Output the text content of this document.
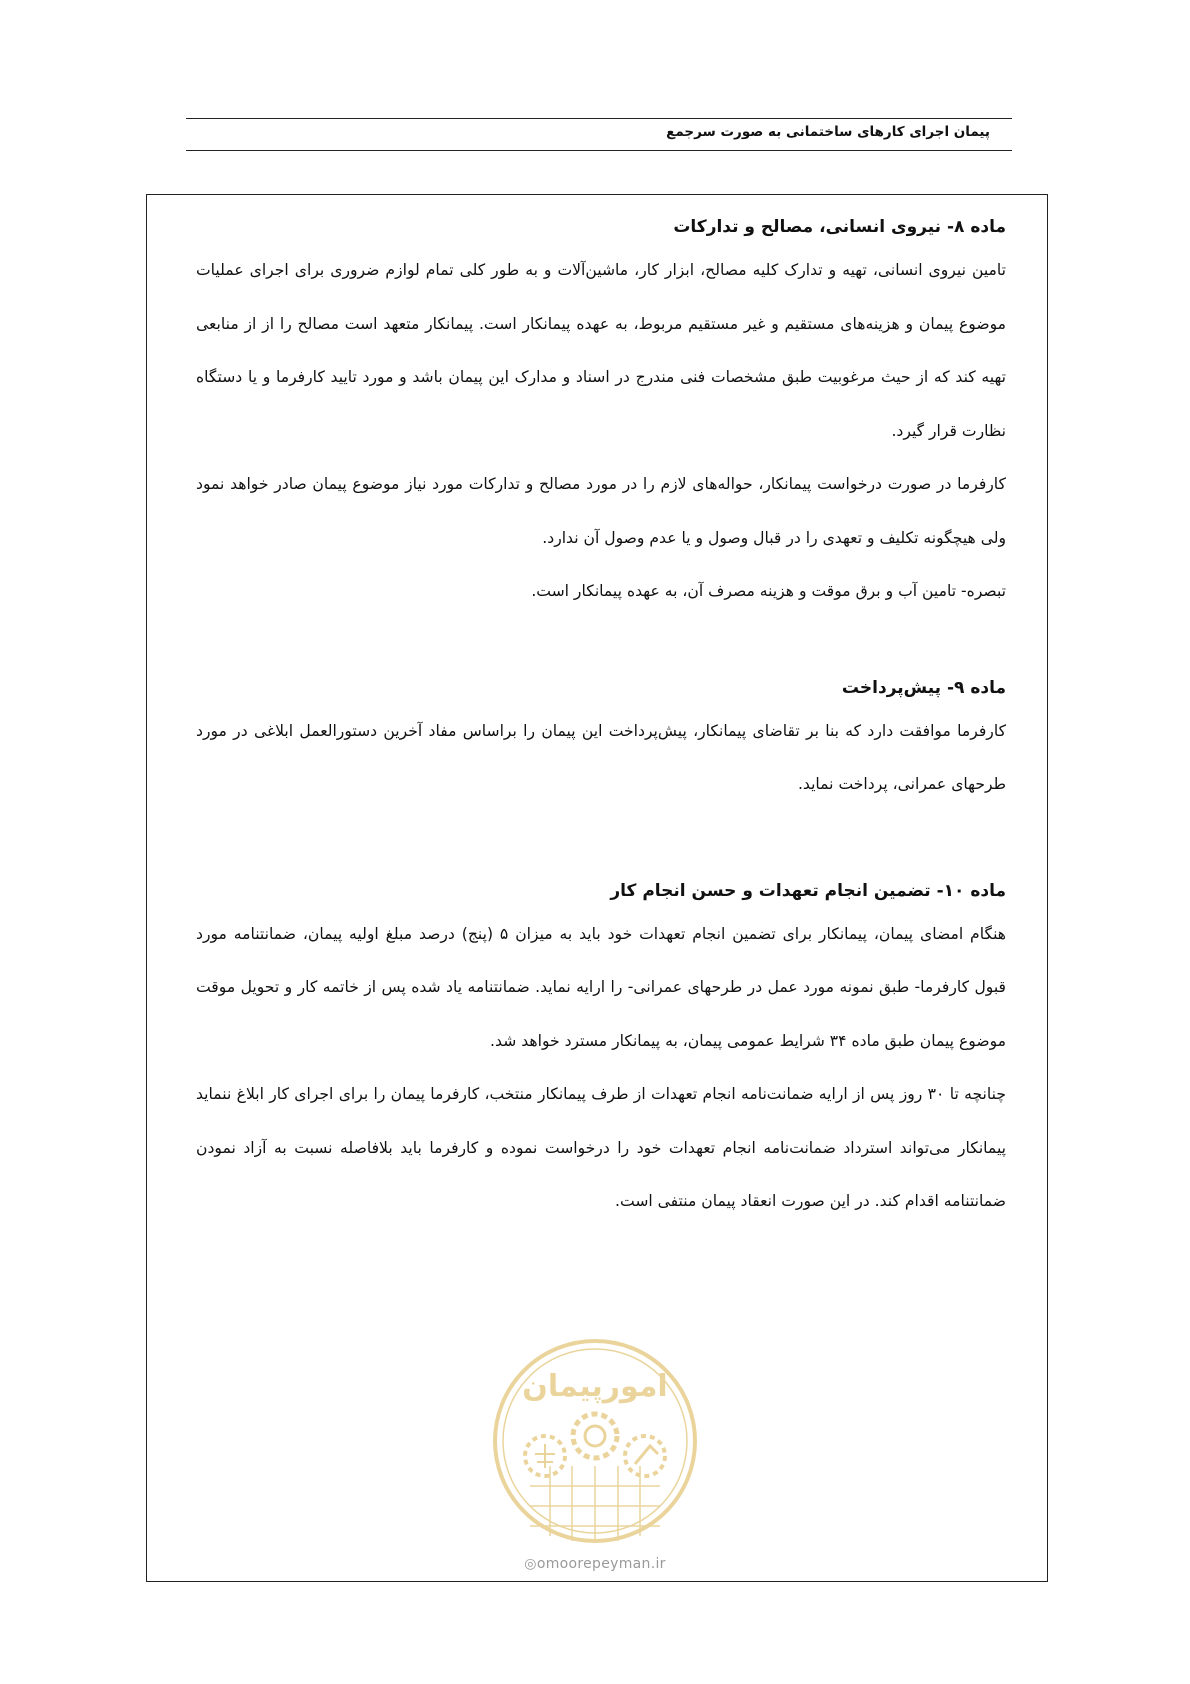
پیمان اجرای کارهای ساختمانی به صورت سرجمع
ماده ۸- نیروی انسانی، مصالح و تدارکات

تامین نیروی انسانی، تهیه و تدارک کلیه مصالح، ابزار کار، ماشین‌آلات و به طور کلی تمام لوازم ضروری برای اجرای عملیات موضوع پیمان و هزینه‌های مستقیم و غیر مستقیم مربوط، به عهده پیمانکار است. پیمانکار متعهد است مصالح را از از منابعی تهیه کند که از حیث مرغوبیت طبق مشخصات فنی مندرج در اسناد و مدارک این پیمان باشد و مورد تایید کارفرما و یا دستگاه نظارت قرار گیرد.

کارفرما در صورت درخواست پیمانکار، حواله‌های لازم را در مورد مصالح و تدارکات مورد نیاز موضوع پیمان صادر خواهد نمود ولی هیچگونه تکلیف و تعهدی را در قبال وصول و یا عدم وصول آن ندارد.

تبصره- تامین آب و برق موقت و هزینه مصرف آن، به عهده پیمانکار است.

ماده ۹- پیش‌پرداخت

کارفرما موافقت دارد که بنا بر تقاضای پیمانکار، پیش‌پرداخت این پیمان را براساس مفاد آخرین دستورالعمل ابلاغی در مورد طرحهای عمرانی، پرداخت نماید.

ماده ۱۰- تضمین انجام تعهدات و حسن انجام کار

هنگام امضای پیمان، پیمانکار برای تضمین انجام تعهدات خود باید به میزان ۵ (پنج) درصد مبلغ اولیه پیمان، ضمانتنامه مورد قبول کارفرما- طبق نمونه مورد عمل در طرحهای عمرانی- را ارایه نماید. ضمانتنامه یاد شده پس از خاتمه کار و تحویل موقت موضوع پیمان طبق ماده ۳۴ شرایط عمومی پیمان، به پیمانکار مسترد خواهد شد.

چنانچه تا ۳۰ روز پس از ارایه ضمانت‌نامه انجام تعهدات از طرف پیمانکار منتخب، کارفرما پیمان را برای اجرای کار ابلاغ ننماید پیمانکار می‌تواند استرداد ضمانت‌نامه انجام تعهدات خود را درخواست نموده و کارفرما باید بلافاصله نسبت به آزاد نمودن ضمانتنامه اقدام کند. در این صورت انعقاد پیمان منتفی است.

امورپیمان
◎omoorepeyman.ir
